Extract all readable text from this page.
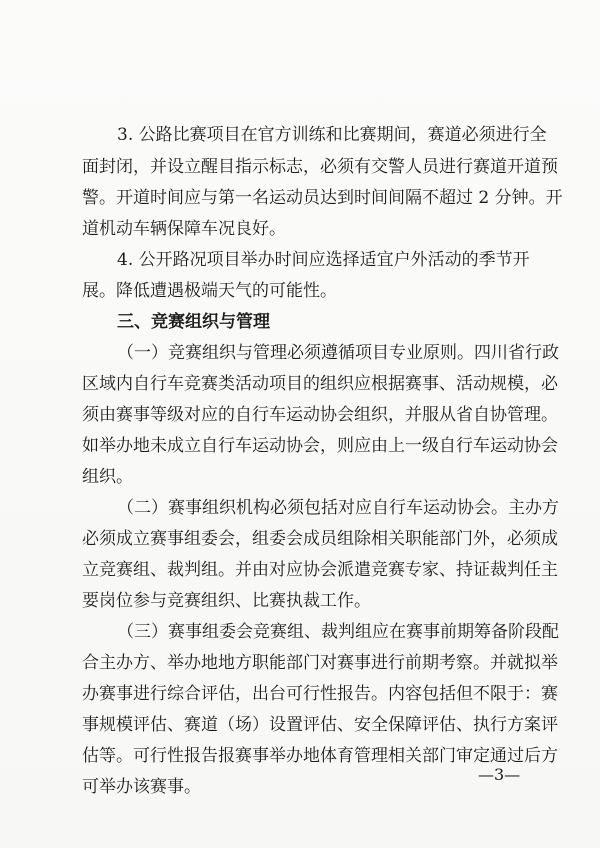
3. 公路比赛项目在官方训练和比赛期间，赛道必须进行全
面封闭，并设立醒目指示标志，必须有交警人员进行赛道开道预
警。开道时间应与第一名运动员达到时间间隔不超过 2 分钟。开
道机动车辆保障车况良好。
4. 公开路况项目举办时间应选择适宜户外活动的季节开
展。降低遭遇极端天气的可能性。
三、竞赛组织与管理
（一）竞赛组织与管理必须遵循项目专业原则。四川省行政
区域内自行车竞赛类活动项目的组织应根据赛事、活动规模，必
须由赛事等级对应的自行车运动协会组织，并服从省自协管理。
如举办地未成立自行车运动协会，则应由上一级自行车运动协会
组织。
（二）赛事组织机构必须包括对应自行车运动协会。主办方
必须成立赛事组委会，组委会成员组除相关职能部门外，必须成
立竞赛组、裁判组。并由对应协会派遣竞赛专家、持证裁判任主
要岗位参与竞赛组织、比赛执裁工作。
（三）赛事组委会竞赛组、裁判组应在赛事前期筹备阶段配
合主办方、举办地地方职能部门对赛事进行前期考察。并就拟举
办赛事进行综合评估，出台可行性报告。内容包括但不限于：赛
事规模评估、赛道（场）设置评估、安全保障评估、执行方案评
估等。可行性报告报赛事举办地体育管理相关部门审定通过后方
可举办该赛事。
—3—
